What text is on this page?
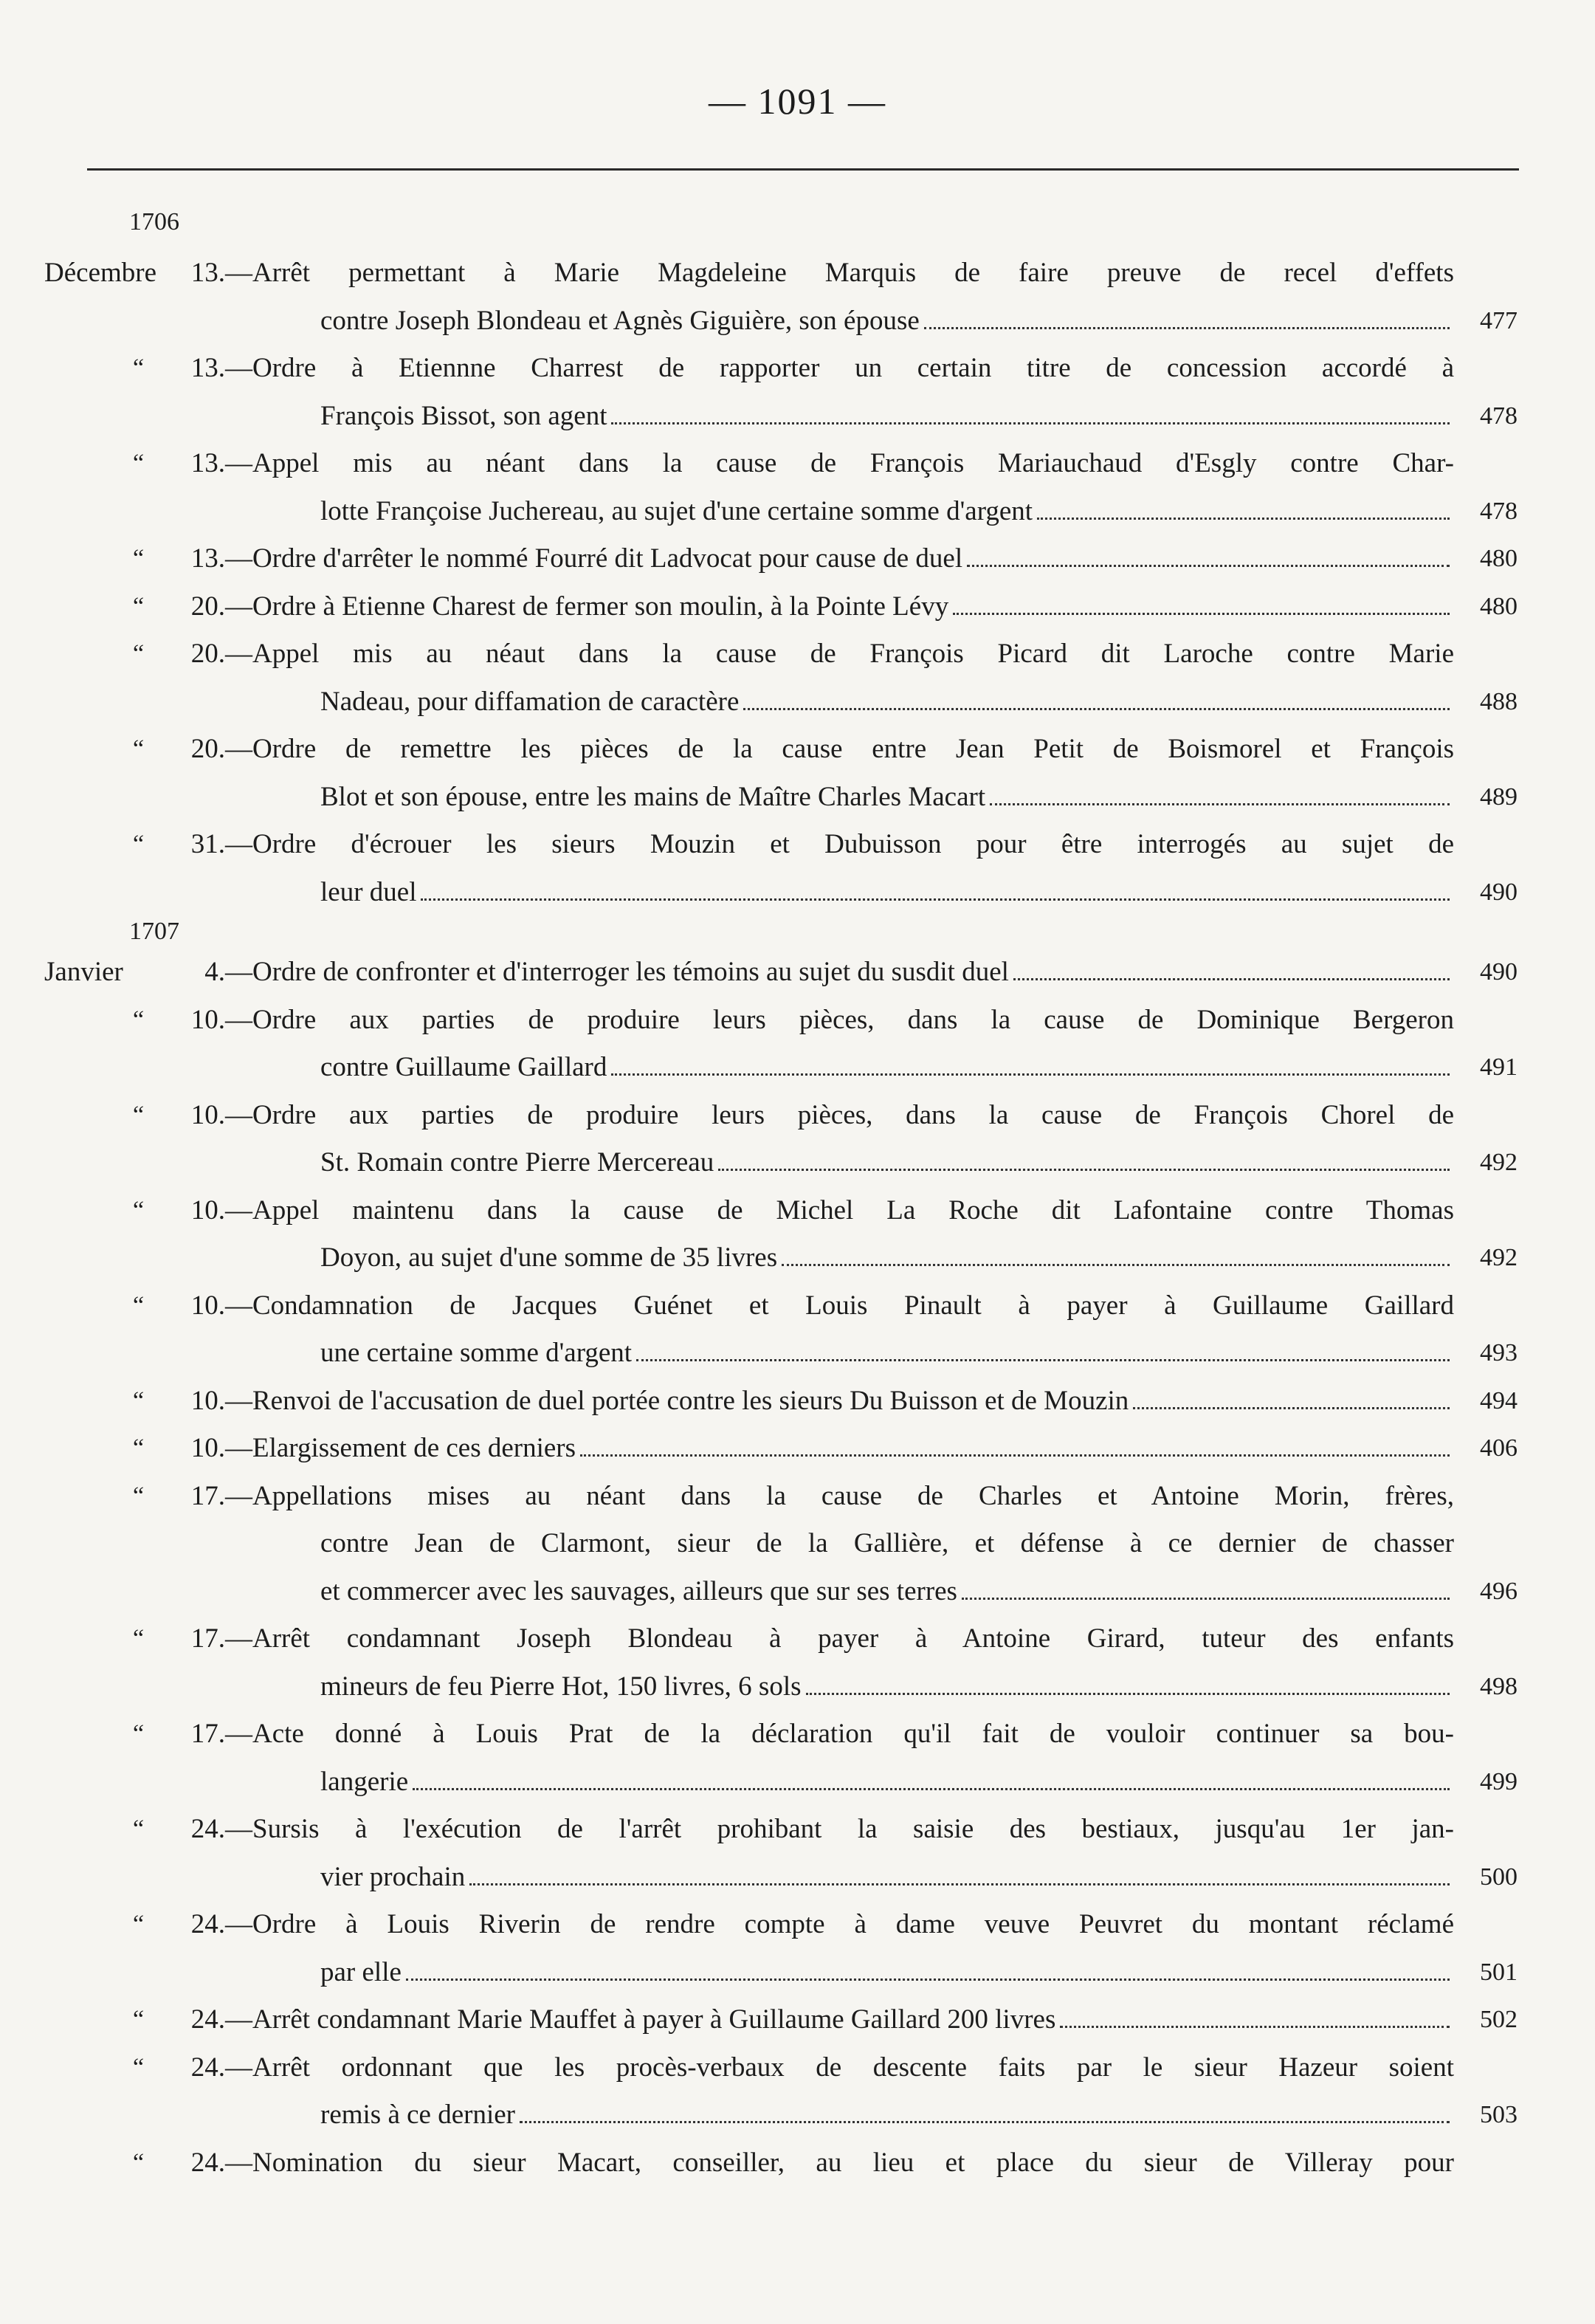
— 1091 —
1706
Décembre	13. —Arrêt permettant à Marie Magdeleine Marquis de faire preuve de recel d'effets
contre Joseph Blondeau et Agnès Giguière, son épouse	477
“	13. —Ordre à Etiennne Charrest de rapporter un certain titre de concession accordé à
François Bissot, son agent	478
“	13. —Appel mis au néant dans la cause de François Mariauchaud d'Esgly contre Char-
lotte Françoise Juchereau, au sujet d'une certaine somme d'argent	478
“	13. —Ordre d'arrêter le nommé Fourré dit Ladvocat pour cause de duel	480
“	20. —Ordre à Etienne Charest de fermer son moulin, à la Pointe Lévy	480
“	20. —Appel mis au néaut dans la cause de François Picard dit Laroche contre Marie
Nadeau, pour diffamation de caractère	488
“	20. —Ordre de remettre les pièces de la cause entre Jean Petit de Boismorel et François
Blot et son épouse, entre les mains de Maître Charles Macart	489
“	31. —Ordre d'écrouer les sieurs Mouzin et Dubuisson pour être interrogés au sujet de
leur duel	490
1707
Janvier	4. —Ordre de confronter et d'interroger les témoins au sujet du susdit duel	490
“	10. —Ordre aux parties de produire leurs pièces, dans la cause de Dominique Bergeron
contre Guillaume Gaillard	491
“	10. —Ordre aux parties de produire leurs pièces, dans la cause de François Chorel de
St. Romain contre Pierre Mercereau	492
“	10. —Appel maintenu dans la cause de Michel La Roche dit Lafontaine contre Thomas
Doyon, au sujet d'une somme de 35 livres	492
“	10. —Condamnation de Jacques Guénet et Louis Pinault à payer à Guillaume Gaillard
une certaine somme d'argent	493
“	10. —Renvoi de l'accusation de duel portée contre les sieurs Du Buisson et de Mouzin	494
“	10. —Elargissement de ces derniers	406
“	17. —Appellations mises au néant dans la cause de Charles et Antoine Morin, frères,
contre Jean de Clarmont, sieur de la Gallière, et défense à ce dernier de chasser
et commercer avec les sauvages, ailleurs que sur ses terres	496
“	17. —Arrêt condamnant Joseph Blondeau à payer à Antoine Girard, tuteur des enfants
mineurs de feu Pierre Hot, 150 livres, 6 sols	498
“	17. —Acte donné à Louis Prat de la déclaration qu'il fait de vouloir continuer sa bou-
langerie	499
“	24. —Sursis à l'exécution de l'arrêt prohibant la saisie des bestiaux, jusqu'au 1er jan-
vier prochain	500
“	24. —Ordre à Louis Riverin de rendre compte à dame veuve Peuvret du montant réclamé
par elle	501
“	24. —Arrêt condamnant Marie Mauffet à payer à Guillaume Gaillard 200 livres	502
“	24. —Arrêt ordonnant que les procès-verbaux de descente faits par le sieur Hazeur soient
remis à ce dernier	503
“	24. —Nomination du sieur Macart, conseiller, au lieu et place du sieur de Villeray pour
